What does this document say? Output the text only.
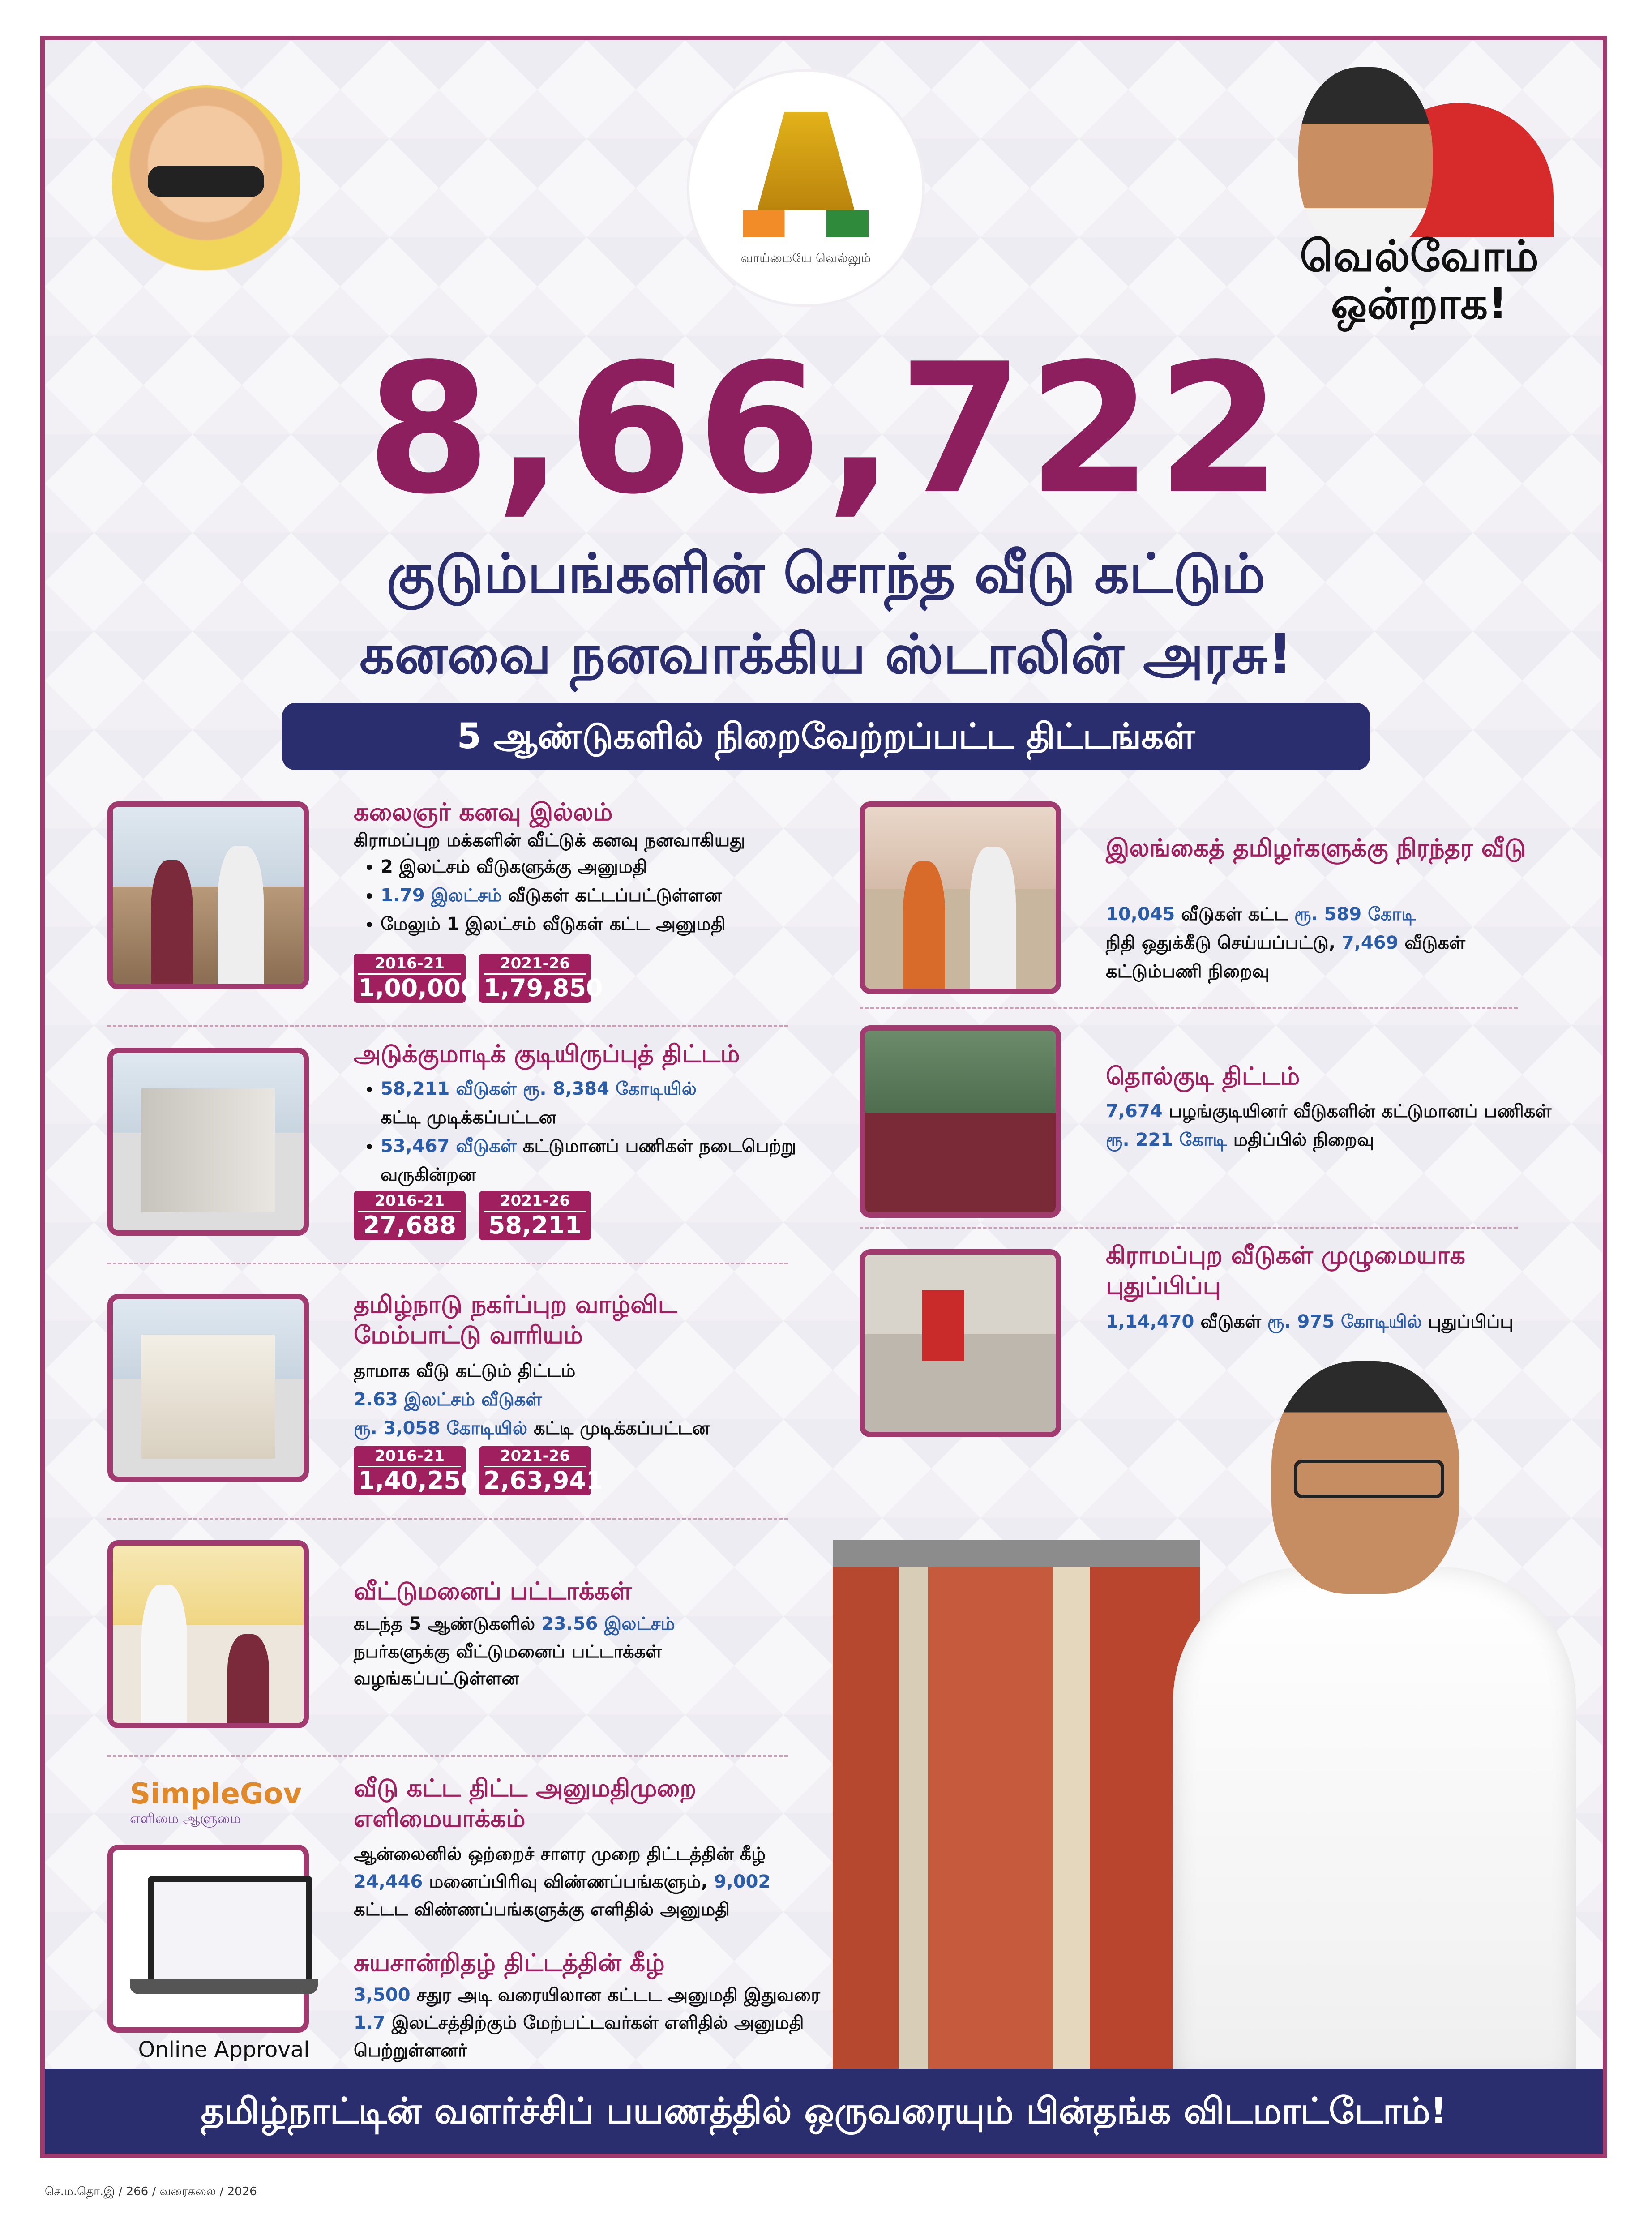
வாய்மையே வெல்லும்	வெல்வோம்
ஒன்றாக!
8,66,722
குடும்பங்களின் சொந்த வீடு கட்டும்
கனவை நனவாக்கிய ஸ்டாலின் அரசு!
5 ஆண்டுகளில் நிறைவேற்றப்பட்ட திட்டங்கள்
கலைஞர் கனவு இல்லம்
கிராமப்புற மக்களின் வீட்டுக் கனவு நனவாகியது
• 2 இலட்சம் வீடுகளுக்கு அனுமதி
• 1.79 இலட்சம் வீடுகள் கட்டப்பட்டுள்ளன
• மேலும் 1 இலட்சம் வீடுகள் கட்ட அனுமதி
2016-21
1,00,000
2021-26
1,79,850
அடுக்குமாடிக் குடியிருப்புத் திட்டம்
• 58,211 வீடுகள் ரூ. 8,384 கோடியில்
கட்டி முடிக்கப்பட்டன
• 53,467 வீடுகள் கட்டுமானப் பணிகள் நடைபெற்று வருகின்றன
2016-21
27,688
2021-26
58,211
தமிழ்நாடு நகர்ப்புற வாழ்விட மேம்பாட்டு வாரியம்
தாமாக வீடு கட்டும் திட்டம்
2.63 இலட்சம் வீடுகள்
ரூ. 3,058 கோடியில் கட்டி முடிக்கப்பட்டன
2016-21
1,40,250
2021-26
2,63,941
வீட்டுமனைப் பட்டாக்கள்
கடந்த 5 ஆண்டுகளில் 23.56 இலட்சம்
நபர்களுக்கு வீட்டுமனைப் பட்டாக்கள் வழங்கப்பட்டுள்ளன
SimpleGov
எளிமை ஆளுமை
Online Approval
வீடு கட்ட திட்ட அனுமதிமுறை எளிமையாக்கம்
ஆன்லைனில் ஒற்றைச் சாளர முறை திட்டத்தின் கீழ் 24,446 மனைப்பிரிவு விண்ணப்பங்களும், 9,002 கட்டட விண்ணப்பங்களுக்கு எளிதில் அனுமதி
சுயசான்றிதழ் திட்டத்தின் கீழ்
3,500 சதுர அடி வரையிலான கட்டட அனுமதி இதுவரை 1.7 இலட்சத்திற்கும் மேற்பட்டவர்கள் எளிதில் அனுமதி பெற்றுள்ளனர்
இலங்கைத் தமிழர்களுக்கு நிரந்தர வீடு
10,045 வீடுகள் கட்ட ரூ. 589 கோடி
நிதி ஒதுக்கீடு செய்யப்பட்டு, 7,469 வீடுகள் கட்டும்பணி நிறைவு
தொல்குடி திட்டம்
7,674 பழங்குடியினர் வீடுகளின் கட்டுமானப் பணிகள் ரூ. 221 கோடி மதிப்பில் நிறைவு
கிராமப்புற வீடுகள் முழுமையாக புதுப்பிப்பு
1,14,470 வீடுகள் ரூ. 975 கோடியில் புதுப்பிப்பு
தமிழ்நாட்டின் வளர்ச்சிப் பயணத்தில் ஒருவரையும் பின்தங்க விடமாட்டோம்!
செ.ம.தொ.இ / 266 / வரைகலை / 2026
